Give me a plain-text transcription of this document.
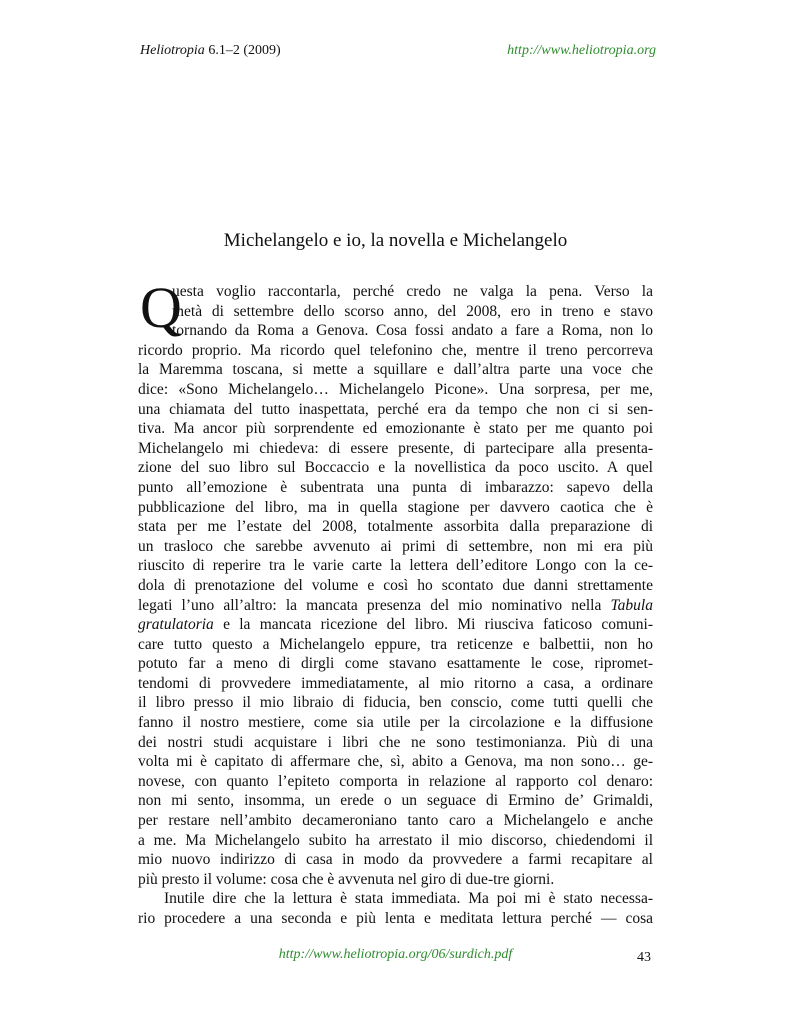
Heliotropia 6.1–2 (2009)	http://www.heliotropia.org
Michelangelo e io, la novella e Michelangelo
Q
uesta voglio raccontarla, perché credo ne valga la pena. Verso la
metà di settembre dello scorso anno, del 2008, ero in treno e stavo
tornando da Roma a Genova. Cosa fossi andato a fare a Roma, non lo
ricordo proprio. Ma ricordo quel telefonino che, mentre il treno percorreva
la Maremma toscana, si mette a squillare e dall’altra parte una voce che
dice: «Sono Michelangelo… Michelangelo Picone». Una sorpresa, per me,
una chiamata del tutto inaspettata, perché era da tempo che non ci si sen-
tiva. Ma ancor più sorprendente ed emozionante è stato per me quanto poi
Michelangelo mi chiedeva: di essere presente, di partecipare alla presenta-
zione del suo libro sul Boccaccio e la novellistica da poco uscito. A quel
punto all’emozione è subentrata una punta di imbarazzo: sapevo della
pubblicazione del libro, ma in quella stagione per davvero caotica che è
stata per me l’estate del 2008, totalmente assorbita dalla preparazione di
un trasloco che sarebbe avvenuto ai primi di settembre, non mi era più
riuscito di reperire tra le varie carte la lettera dell’editore Longo con la ce-
dola di prenotazione del volume e così ho scontato due danni strettamente
legati l’uno all’altro: la mancata presenza del mio nominativo nella Tabula
gratulatoria e la mancata ricezione del libro. Mi riusciva faticoso comuni-
care tutto questo a Michelangelo eppure, tra reticenze e balbettii, non ho
potuto far a meno di dirgli come stavano esattamente le cose, ripromet-
tendomi di provvedere immediatamente, al mio ritorno a casa, a ordinare
il libro presso il mio libraio di fiducia, ben conscio, come tutti quelli che
fanno il nostro mestiere, come sia utile per la circolazione e la diffusione
dei nostri studi acquistare i libri che ne sono testimonianza. Più di una
volta mi è capitato di affermare che, sì, abito a Genova, ma non sono… ge-
novese, con quanto l’epiteto comporta in relazione al rapporto col denaro:
non mi sento, insomma, un erede o un seguace di Ermino de’ Grimaldi,
per restare nell’ambito decameroniano tanto caro a Michelangelo e anche
a me. Ma Michelangelo subito ha arrestato il mio discorso, chiedendomi il
mio nuovo indirizzo di casa in modo da provvedere a farmi recapitare al
più presto il volume: cosa che è avvenuta nel giro di due-tre giorni.
Inutile dire che la lettura è stata immediata. Ma poi mi è stato necessa-
rio procedere a una seconda e più lenta e meditata lettura perché — cosa
http://www.heliotropia.org/06/surdich.pdf	43
